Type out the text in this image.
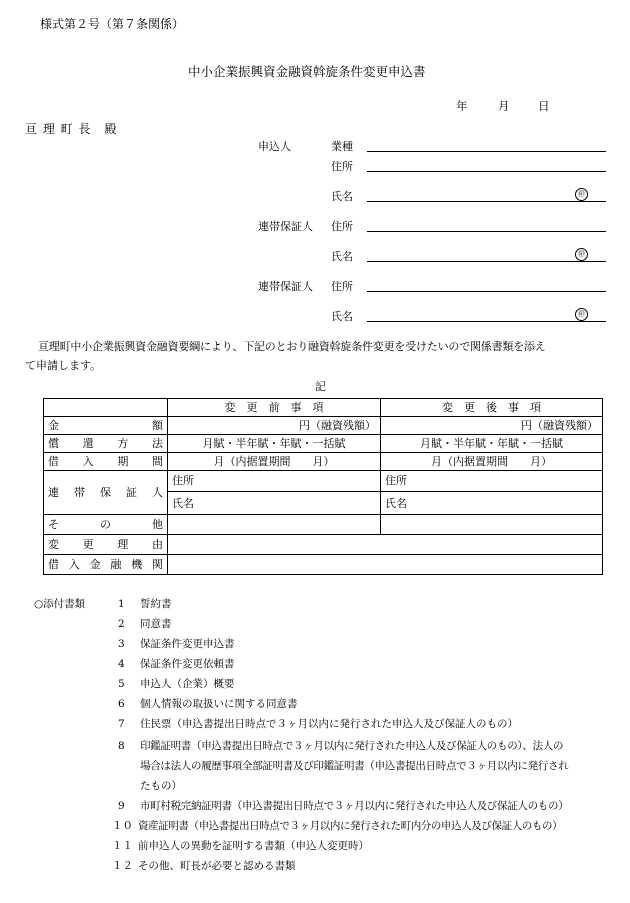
様式第２号（第７条関係）
中小企業振興資金融資斡旋条件変更申込書
年	月 日
亘 理 町 長　殿
申込人	業種
住所
氏名	㊞
連帯保証人 住所
氏名	㊞
連帯保証人 住所
氏名	㊞
亘理町中小企業振興資金融資要綱により、下記のとおり融資斡旋条件変更を受けたいので関係書類を添え
て申請します。
記
	変　更　前　事　項	変　更　後　事　項
金額	円（融資残額）	円（融資残額）
償還方法	月賦・半年賦・年賦・一括賦	月賦・半年賦・年賦・一括賦
借入期間	月（内据置期間　　月）	月（内据置期間　　月）
連帯保証人	住所	住所
	氏名	氏名
その他		
変更理由		
借入金融機関		
○添付書類	1 誓約書
2 同意書
3 保証条件変更申込書
4 保証条件変更依頼書
5 申込人（企業）概要
6 個人情報の取扱いに関する同意書
7 住民票（申込書提出日時点で３ヶ月以内に発行された申込人及び保証人のもの）
8 印鑑証明書（申込書提出日時点で３ヶ月以内に発行された申込人及び保証人のもの）、法人の
場合は法人の履歴事項全部証明書及び印鑑証明書（申込書提出日時点で３ヶ月以内に発行され
たもの）
9 市町村税完納証明書（申込書提出日時点で３ヶ月以内に発行された申込人及び保証人のもの）
１０ 資産証明書（申込書提出日時点で３ヶ月以内に発行された町内分の申込人及び保証人のもの）
１１ 前申込人の異動を証明する書類（申込人変更時）
１２ その他、町長が必要と認める書類
